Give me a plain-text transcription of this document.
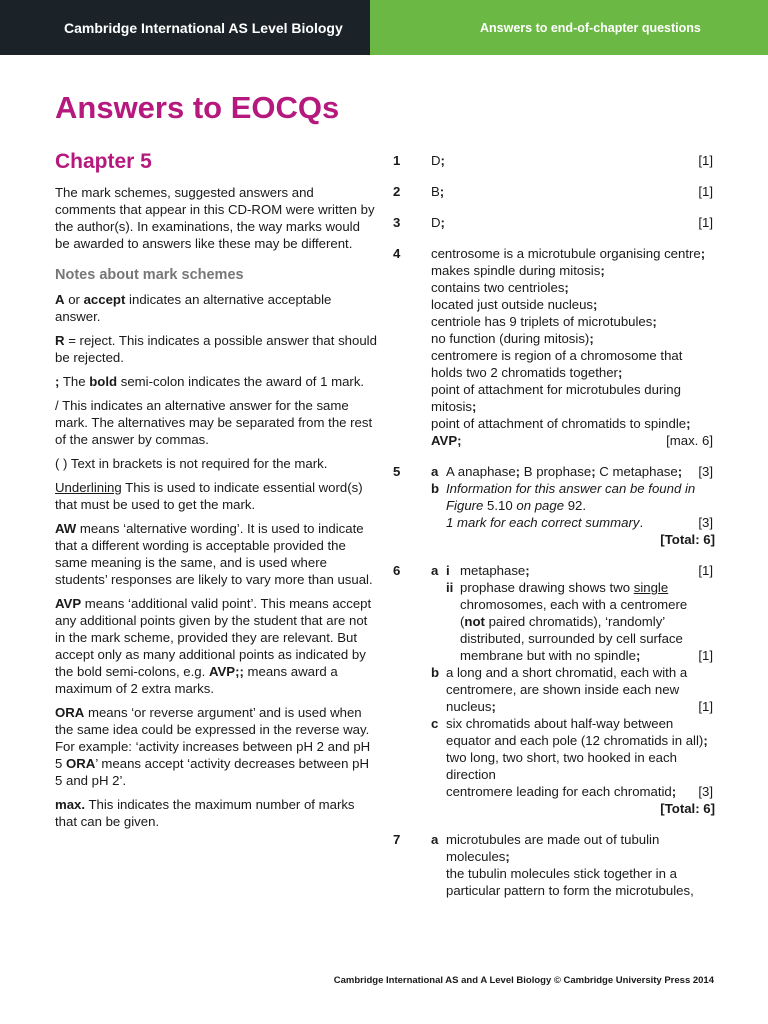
Cambridge International AS Level Biology	Answers to end-of-chapter questions
Answers to EOCQs
Chapter 5

The mark schemes, suggested answers and comments that appear in this CD-ROM were written by the author(s). In examinations, the way marks would be awarded to answers like these may be different.

Notes about mark schemes

A or accept indicates an alternative acceptable answer.

R = reject. This indicates a possible answer that should be rejected.

; The bold semi-colon indicates the award of 1 mark.

/ This indicates an alternative answer for the same mark. The alternatives may be separated from the rest of the answer by commas.

( ) Text in brackets is not required for the mark.

Underlining This is used to indicate essential word(s) that must be used to get the mark.

AW means ‘alternative wording’. It is used to indicate that a different wording is acceptable provided the same meaning is the same, and is used where students’ responses are likely to vary more than usual.

AVP means ‘additional valid point’. This means accept any additional points given by the student that are not in the mark scheme, provided they are relevant. But accept only as many additional points as indicated by the bold semi-colons, e.g. AVP;; means award a maximum of 2 extra marks.

ORA means ‘or reverse argument’ and is used when the same idea could be expressed in the reverse way. For example: ‘activity increases between pH 2 and pH 5 ORA’ means accept ‘activity decreases between pH 5 and pH 2’.

max. This indicates the maximum number of marks that can be given.

1	D;	[1]
2	B;	[1]
3	D;	[1]
4	centrosome is a microtubule organising centre;
makes spindle during mitosis;
contains two centrioles;
located just outside nucleus;
centriole has 9 triplets of microtubules;
no function (during mitosis);
centromere is region of a chromosome that holds two 2 chromatids together;
point of attachment for microtubules during mitosis;
point of attachment of chromatids to spindle;
AVP;	[max. 6]
5	a A anaphase; B prophase; C metaphase; [3]
b Information for this answer can be found in Figure 5.10 on page 92.
1 mark for each correct summary.	[3]
[Total: 6]
6	a i metaphase;	[1]
ii prophase drawing shows two single chromosomes, each with a centromere (not paired chromatids), ‘randomly’ distributed, surrounded by cell surface membrane but with no spindle;	[1]
b a long and a short chromatid, each with a centromere, are shown inside each new nucleus;	[1]
c six chromatids about half-way between equator and each pole (12 chromatids in all);
two long, two short, two hooked in each direction
centromere leading for each chromatid; [3]
[Total: 6]
7	a microtubules are made out of tubulin molecules;
the tubulin molecules stick together in a particular pattern to form the microtubules,
Cambridge International AS and A Level Biology © Cambridge University Press 2014
